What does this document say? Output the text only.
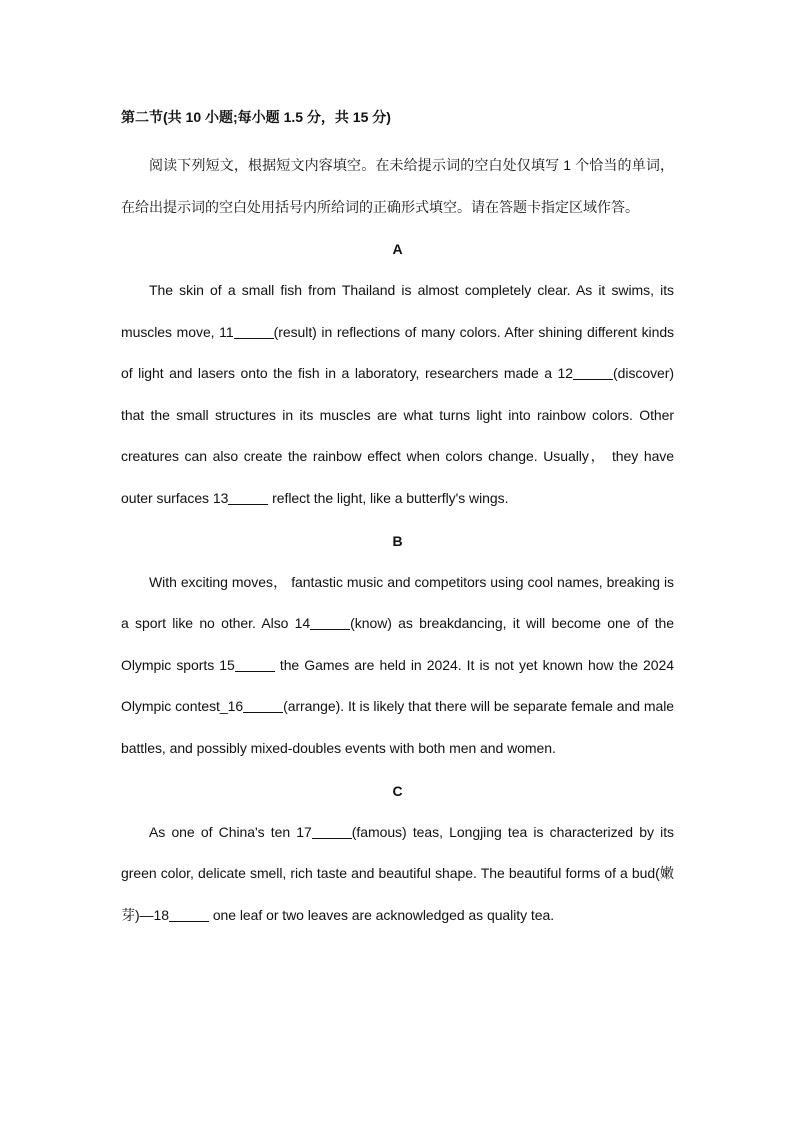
第二节(共 10 小题;每小题 1.5 分，共 15 分)

阅读下列短文，根据短文内容填空。在未给提示词的空白处仅填写 1 个恰当的单词，在给出提示词的空白处用括号内所给词的正确形式填空。请在答题卡指定区域作答。

A

The skin of a small fish from Thailand is almost completely clear. As it swims, its muscles move, 11	(result) in reflections of many colors. After shining different kinds of light and lasers onto the fish in a laboratory, researchers made a 12	(discover) that the small structures in its muscles are what turns light into rainbow colors. Other creatures can also create the rainbow effect when colors change. Usually， they have outer surfaces 13	reflect the light, like a butterfly's wings.

B

With exciting moves， fantastic music and competitors using cool names, breaking is a sport like no other. Also 14	(know) as breakdancing, it will become one of the Olympic sports 15	the Games are held in 2024. It is not yet known how the 2024 Olympic contest_16	(arrange). It is likely that there will be separate female and male battles, and possibly mixed-doubles events with both men and women.

C

As one of China's ten 17	(famous) teas, Longjing tea is characterized by its green color, delicate smell, rich taste and beautiful shape. The beautiful forms of a bud(嫩芽)—18	one leaf or two leaves are acknowledged as quality tea.
